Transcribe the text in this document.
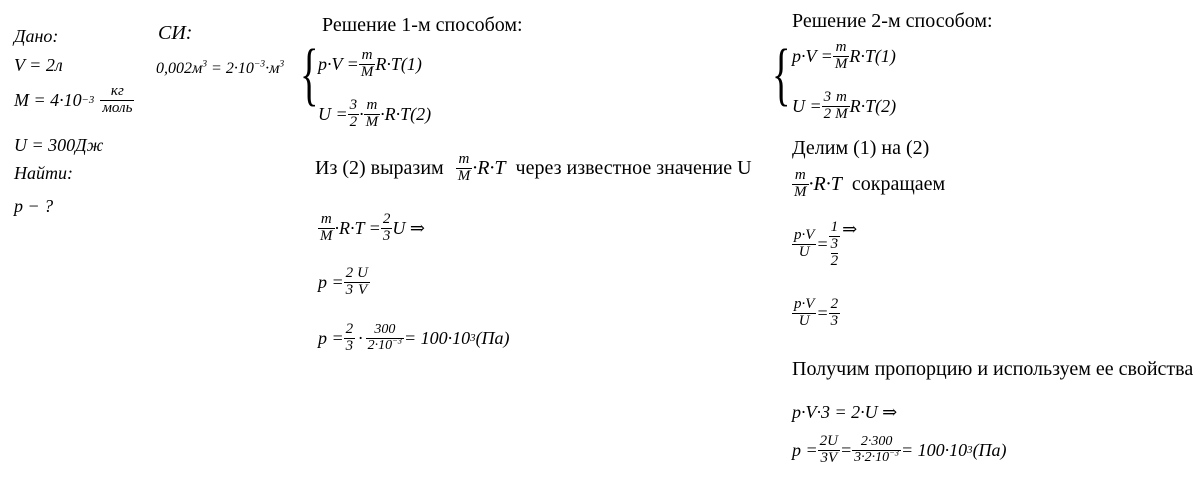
Дано:
V = 2л
$M = 4\cdot 10 -3 \frac{кг}{\text{моль}}$
U = 300Дж
Найти:
p − ?
СИ:
$0,002м^3 = 2\cdot 10^{-3}\cdot м^3$
Решение 1-м способом:
{ $p\cdot V = \frac{m}{M} R\cdot T(1)$
$U = \frac{3}{2} \cdot \frac{m}{M} \cdot R\cdot T(2)$
Из (2) выразим $\frac{m}{M} \cdot R\cdot T$ через известное значение U
$\frac{m}{M} \cdot R\cdot T = \frac{2}{3}$ U ⇒
$p = \frac{2}{3} \frac{U}{V}$
$p = \frac{2}{3} \cdot \frac{300}{2\cdot 10^{-3}} = 100\cdot 10$ 3 (Па)
Решение 2-м способом:
{ $p\cdot V = \frac{m}{M} R\cdot T(1)$
$U = \frac{3}{2} \frac{m}{M} R\cdot T(2)$
Делим (1) на (2)
$\frac{m}{M} \cdot R\cdot T$ сокращаем
$\frac{p\cdot V}{U} = 1$
3
2 ⇒
$\frac{p\cdot V}{U} = \frac{2}{3}$
Получим пропорцию и используем ее свойства
p·V·3 = 2·U ⇒
$p = \frac{2U}{3V} = \frac{2\cdot 300}{3\cdot 2\cdot 10^{-3}} = 100\cdot 10$ 3 (Па)
